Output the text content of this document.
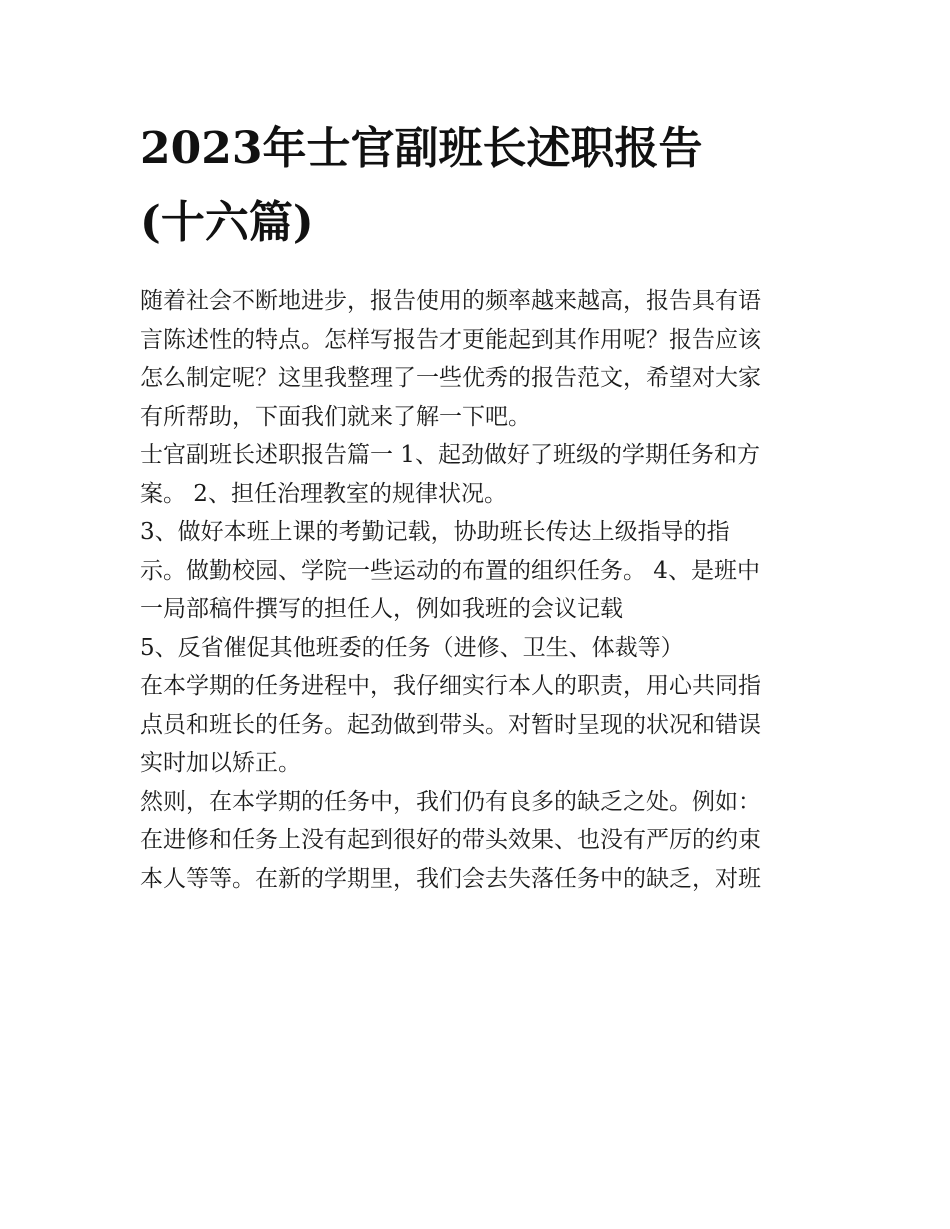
2023年士官副班长述职报告
(十六篇)
随着社会不断地进步，报告使用的频率越来越高，报告具有语
言陈述性的特点。怎样写报告才更能起到其作用呢？报告应该
怎么制定呢？这里我整理了一些优秀的报告范文，希望对大家
有所帮助，下面我们就来了解一下吧。
士官副班长述职报告篇一 1、起劲做好了班级的学期任务和方
案。 2、担任治理教室的规律状况。
3、做好本班上课的考勤记载，协助班长传达上级指导的指
示。做勤校园、学院一些运动的布置的组织任务。 4、是班中
一局部稿件撰写的担任人，例如我班的会议记载
5、反省催促其他班委的任务（进修、卫生、体裁等）
在本学期的任务进程中，我仔细实行本人的职责，用心共同指
点员和班长的任务。起劲做到带头。对暂时呈现的状况和错误
实时加以矫正。
然则，在本学期的任务中，我们仍有良多的缺乏之处。例如：
在进修和任务上没有起到很好的带头效果、也没有严厉的约束
本人等等。在新的学期里，我们会去失落任务中的缺乏，对班
